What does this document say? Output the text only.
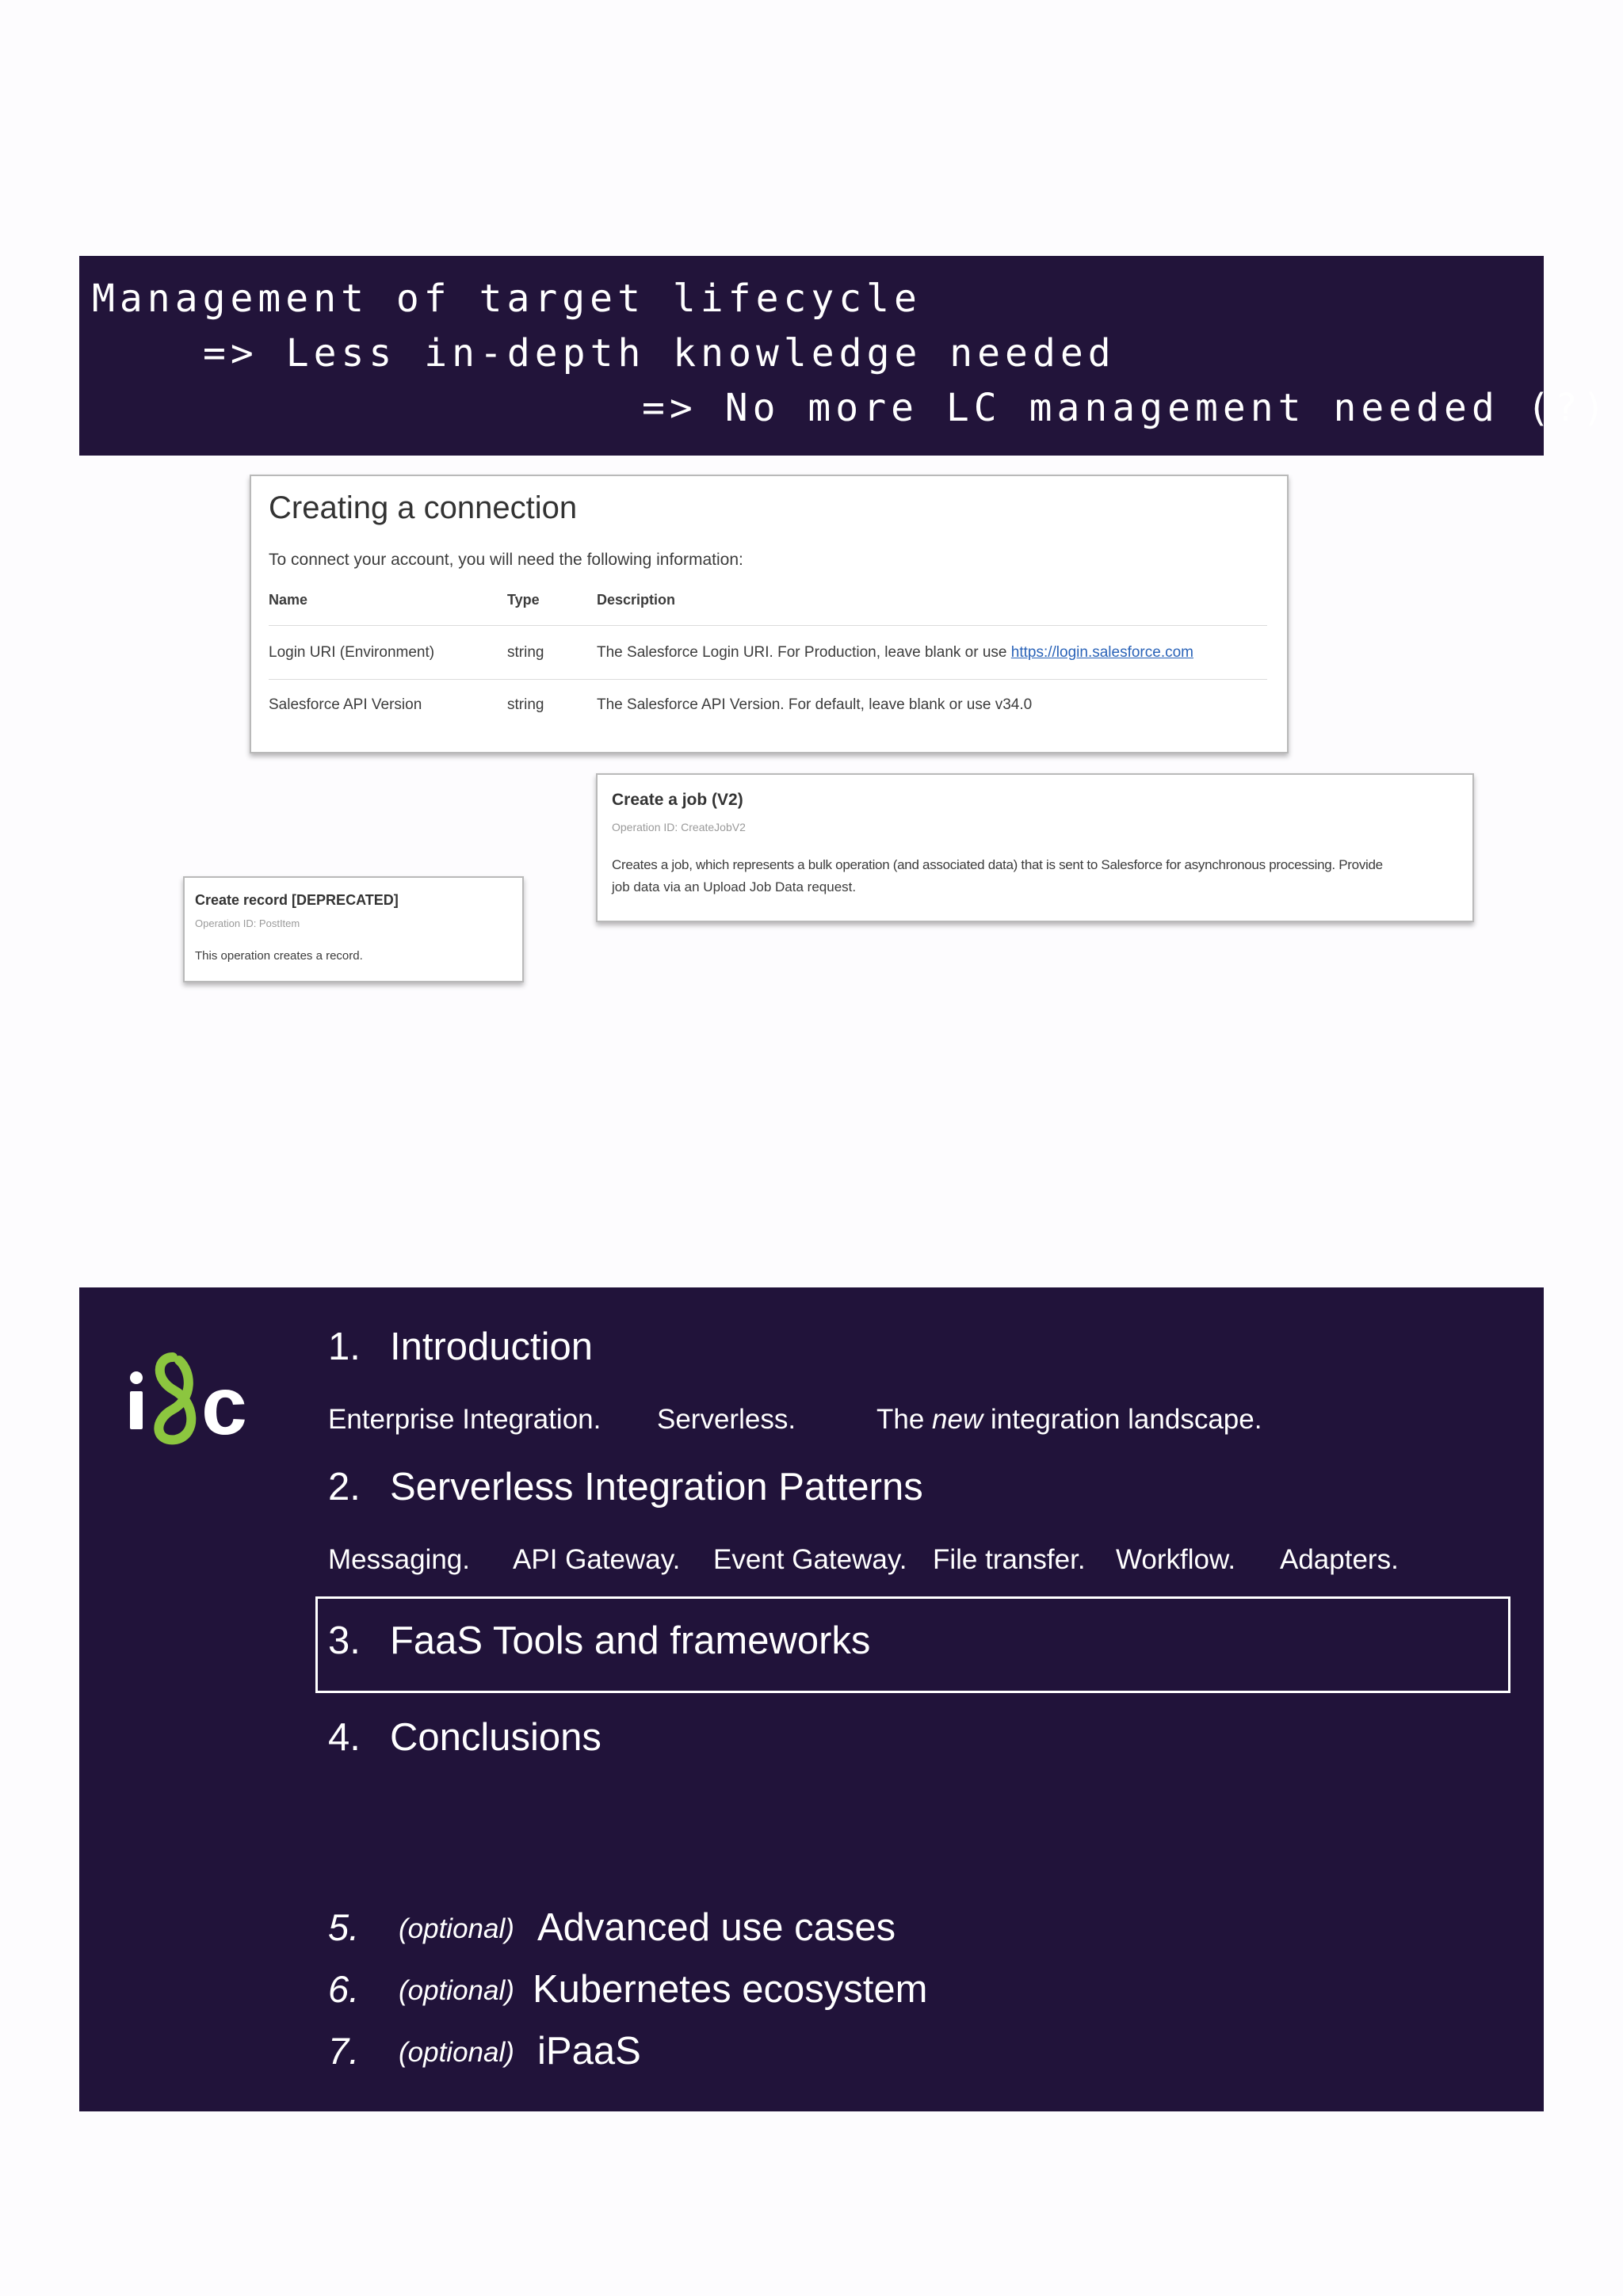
Management of target lifecycle
=> Less in-depth knowledge needed
=> No more LC management needed (?)
Creating a connection
To connect your account, you will need the following information:
Name	Type	Description
Login URI (Environment)	string	The Salesforce Login URI. For Production, leave blank or use https://login.salesforce.com
Salesforce API Version	string	The Salesforce API Version. For default, leave blank or use v34.0
Create a job (V2)
Operation ID: CreateJobV2
Creates a job, which represents a bulk operation (and associated data) that is sent to Salesforce for asynchronous processing. Provide
job data via an Upload Job Data request.
Create record [DEPRECATED]
Operation ID: PostItem
This operation creates a record.
c
1. Introduction
Enterprise Integration. Serverless.	The new integration landscape.
2. Serverless Integration Patterns
Messaging. API Gateway. Event Gateway. File transfer. Workflow. Adapters.
3. FaaS Tools and frameworks
4. Conclusions
5. (optional) Advanced use cases
6. (optional) Kubernetes ecosystem
7. (optional) iPaaS
